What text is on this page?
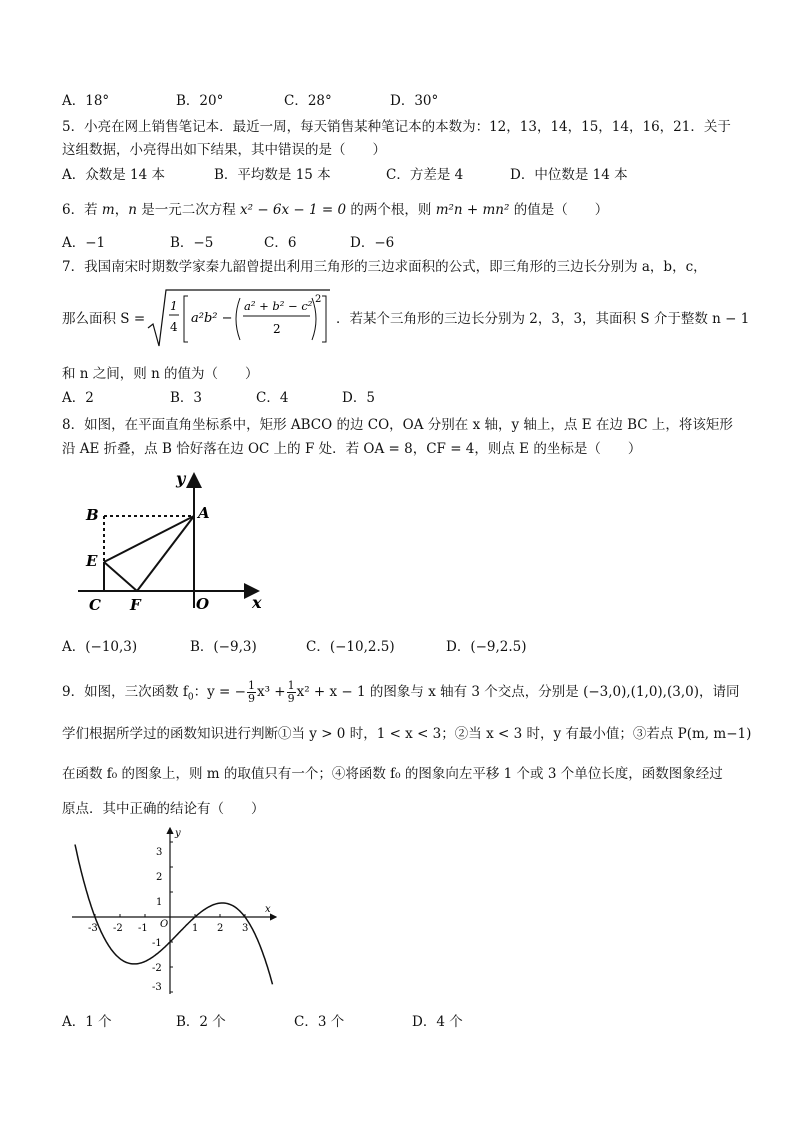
A．18°	B．20°	C．28°	D．30°
5．小亮在网上销售笔记本．最近一周，每天销售某种笔记本的本数为：12，13，14，15，14，16，21．关于
这组数据，小亮得出如下结果，其中错误的是（　　）
A．众数是 14 本	B．平均数是 15 本	C．方差是 4	D．中位数是 14 本
6．若 m，n 是一元二次方程 x² − 6x − 1 = 0 的两个根，则 m²n + mn² 的值是（　　）
A．−1	B．−5	C．6	D．−6
7．我国南宋时期数学家秦九韶曾提出利用三角形的三边求面积的公式，即三角形的三边长分别为 a，b，c，
那么面积 S =
1
4
a²b² −
a² + b² − c²
2
2
．若某个三角形的三边长分别为 2，3，3，其面积 S 介于整数 n − 1
和 n 之间，则 n 的值为（　　）
A．2	B．3	C．4	D．5
8．如图，在平面直角坐标系中，矩形 ABCO 的边 CO，OA 分别在 x 轴，y 轴上，点 E 在边 BC 上，将该矩形
沿 AE 折叠，点 B 恰好落在边 OC 上的 F 处．若 OA = 8，CF = 4，则点 E 的坐标是（　　）
y
x
A
B
E
C F	O
A．(−10,3)	B．(−9,3)	C．(−10,2.5)	D．(−9,2.5)
9．如图，三次函数 $f_0$：y = − $\frac{1}{9} x^3 + \frac{1}{9} x^2 + x - 1$ 的图象与 x 轴有 3 个交点，分别是 (−3,0),(1,0),(3,0)，请同
学们根据所学过的函数知识进行判断①当 y > 0 时，1 < x < 3；②当 x < 3 时，y 有最小值；③若点 P(m, m−1)
在函数 f₀ 的图象上，则 m 的取值只有一个；④将函数 f₀ 的图象向左平移 1 个或 3 个单位长度，函数图象经过
原点．其中正确的结论有（　　）
-3 -2 -1	1 2 3
3
2
1
-1
-2
-3
O
y
x
A．1 个	B．2 个	C．3 个	D．4 个
